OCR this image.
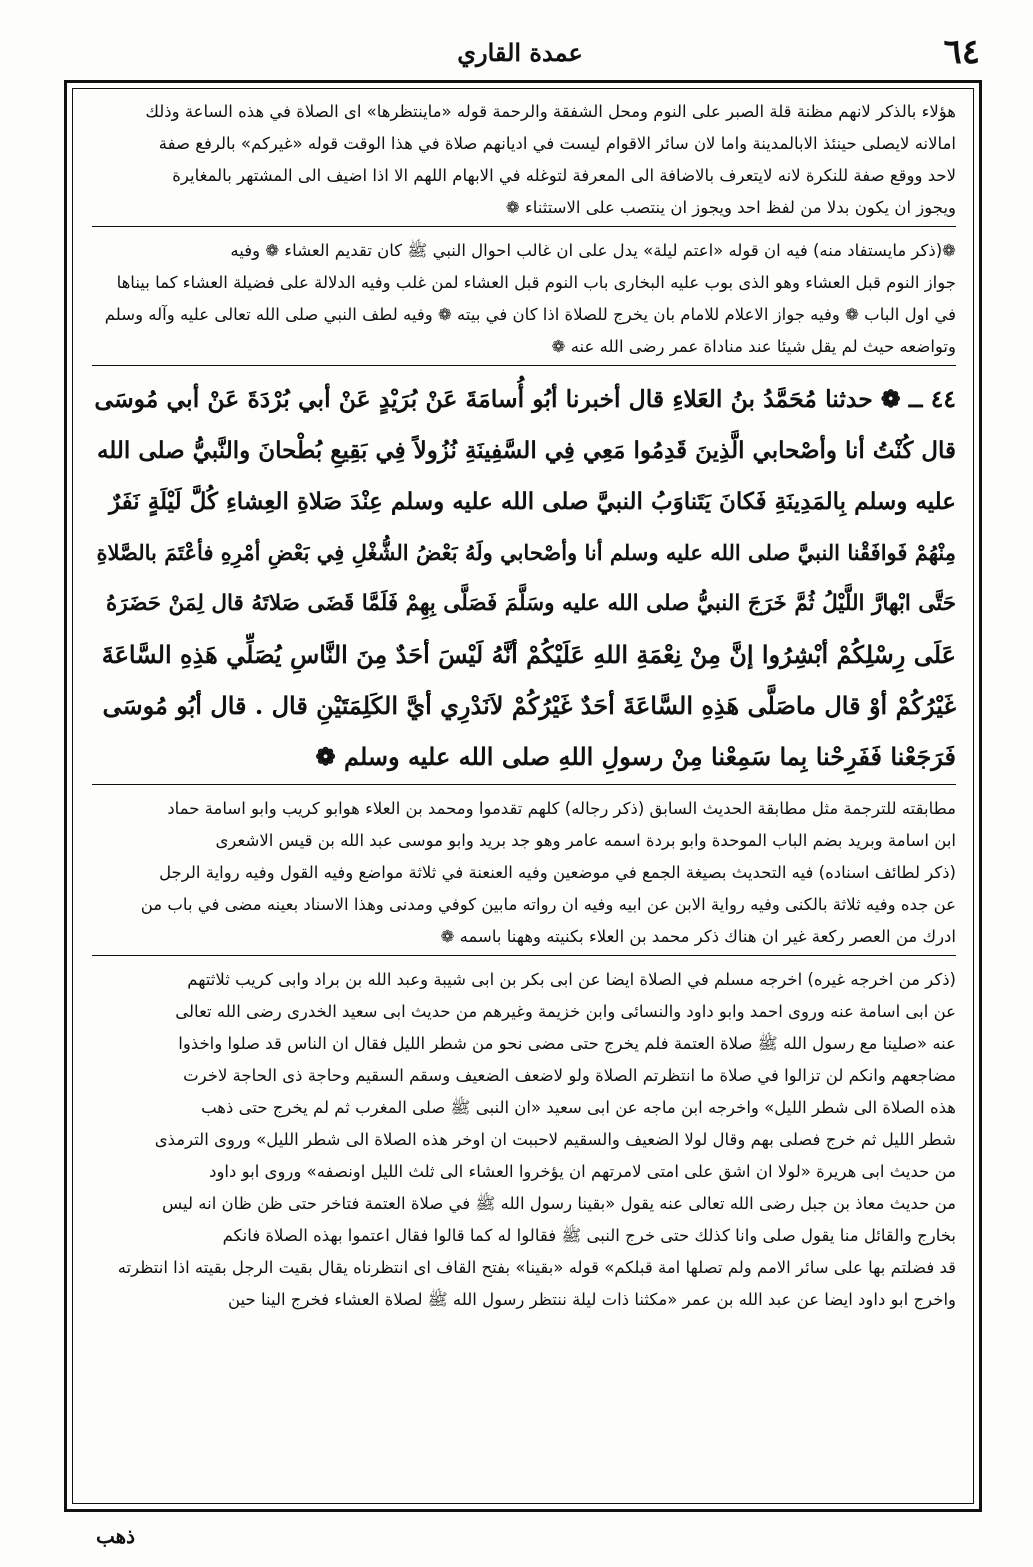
٦٤
عمدة القاري
هؤلاء بالذكر لانهم مظنة قلة الصبر على النوم ومحل الشفقة والرحمة قوله «ماينتظرها» اى الصلاة في هذه الساعة وذلك
امالانه لايصلى حينئذ الابالمدينة واما لان سائر الاقوام ليست في اديانهم صلاة في هذا الوقت قوله «غيركم» بالرفع صفة
لاحد ووقع صفة للنكرة لانه لايتعرف بالاضافة الى المعرفة لتوغله في الابهام اللهم الا اذا اضيف الى المشتهر بالمغايرة
ويجوز ان يكون بدلا من لفظ احد ويجوز ان ينتصب على الاستثناء ❁
❁(ذكر مايستفاد منه) فيه ان قوله «اعتم ليلة» يدل على ان غالب احوال النبي ﷺ كان تقديم العشاء ❁ وفيه
جواز النوم قبل العشاء وهو الذى بوب عليه البخارى باب النوم قبل العشاء لمن غلب وفيه الدلالة على فضيلة العشاء كما بيناها
في اول الباب ❁ وفيه جواز الاعلام للامام بان يخرج للصلاة اذا كان في بيته ❁ وفيه لطف النبي صلى الله تعالى عليه وآله وسلم
وتواضعه حيث لم يقل شيئا عند مناداة عمر رضى الله عنه ❁
٤٤ ــ ❁ حدثنا مُحَمَّدُ بنُ العَلاءِ قال أخبرنا أبُو أُسامَةَ عَنْ بُرَيْدٍ عَنْ أبي بُرْدَةَ عَنْ أبي مُوسَى
قال كُنْتُ أنا وأصْحابي الَّذِينَ قَدِمُوا مَعِي فِي السَّفِينَةِ نُزُولاً فِي بَقِيعِ بُطْحانَ والنَّبيُّ صلى الله
عليه وسلم بِالمَدِينَةِ فَكانَ يَتَناوَبُ النبيَّ صلى الله عليه وسلم عِنْدَ صَلاةِ العِشاءِ كُلَّ لَيْلَةٍ نَفَرٌ
مِنْهُمْ فَوافَقْنا النبيَّ صلى الله عليه وسلم أنا وأصْحابي ولَهُ بَعْضُ الشُّغْلِ فِي بَعْضِ أمْرِهِ فأعْتَمَ بالصَّلاةِ
حَتَّى ابْهارَّ اللَّيْلُ ثُمَّ خَرَجَ النبيُّ صلى الله عليه وسَلَّمَ فَصَلَّى بِهِمْ فَلَمَّا قَضَى صَلاتَهُ قال لِمَنْ حَضَرَهُ
عَلَى رِسْلِكُمْ أبْشِرُوا إنَّ مِنْ نِعْمَةِ اللهِ عَلَيْكُمْ أنَّهُ لَيْسَ أحَدٌ مِنَ النَّاسِ يُصَلِّي هَذِهِ السَّاعَةَ
غَيْرُكُمْ أوْ قال ماصَلَّى هَذِهِ السَّاعَةَ أحَدٌ غَيْرُكُمْ لاَنَدْرِي أيَّ الكَلِمَتَيْنِ قال . قال أبُو مُوسَى
فَرَجَعْنا فَفَرِحْنا بِما سَمِعْنا مِنْ رسولِ اللهِ صلى الله عليه وسلم ❁
مطابقته للترجمة مثل مطابقة الحديث السابق (ذكر رجاله) كلهم تقدموا ومحمد بن العلاء هوابو كريب وابو اسامة حماد
ابن اسامة وبريد بضم الباب الموحدة وابو بردة اسمه عامر وهو جد بريد وابو موسى عبد الله بن قيس الاشعرى
(ذكر لطائف اسناده) فيه التحديث بصيغة الجمع في موضعين وفيه العنعنة في ثلاثة مواضع وفيه القول وفيه رواية الرجل
عن جده وفيه ثلاثة بالكنى وفيه رواية الابن عن ابيه وفيه ان رواته مابين كوفي ومدنى وهذا الاسناد بعينه مضى في باب من
ادرك من العصر ركعة غير ان هناك ذكر محمد بن العلاء بكنيته وههنا باسمه ❁
(ذكر من اخرجه غيره) اخرجه مسلم في الصلاة ايضا عن ابى بكر بن ابى شيبة وعبد الله بن براد وابى كريب ثلاثتهم
عن ابى اسامة عنه وروى احمد وابو داود والنسائى وابن خزيمة وغيرهم من حديث ابى سعيد الخدرى رضى الله تعالى
عنه «صلينا مع رسول الله ﷺ صلاة العتمة فلم يخرج حتى مضى نحو من شطر الليل فقال ان الناس قد صلوا واخذوا
مضاجعهم وانكم لن تزالوا في صلاة ما انتظرتم الصلاة ولو لاضعف الضعيف وسقم السقيم وحاجة ذى الحاجة لاخرت
هذه الصلاة الى شطر الليل» واخرجه ابن ماجه عن ابى سعيد «ان النبى ﷺ صلى المغرب ثم لم يخرج حتى ذهب
شطر الليل ثم خرج فصلى بهم وقال لولا الضعيف والسقيم لاحببت ان اوخر هذه الصلاة الى شطر الليل» وروى الترمذى
من حديث ابى هريرة «لولا ان اشق على امتى لامرتهم ان يؤخروا العشاء الى ثلث الليل اونصفه» وروى ابو داود
من حديث معاذ بن جبل رضى الله تعالى عنه يقول «بقينا رسول الله ﷺ في صلاة العتمة فتاخر حتى ظن ظان انه ليس
بخارج والقائل منا يقول صلى وانا كذلك حتى خرج النبى ﷺ فقالوا له كما قالوا فقال اعتموا بهذه الصلاة فانكم
قد فضلتم بها على سائر الامم ولم تصلها امة قبلكم» قوله «بقينا» بفتح القاف اى انتظرناه يقال بقيت الرجل بقيته اذا انتظرته
واخرج ابو داود ايضا عن عبد الله بن عمر «مكثنا ذات ليلة ننتظر رسول الله ﷺ لصلاة العشاء فخرج الينا حين
ذهب
